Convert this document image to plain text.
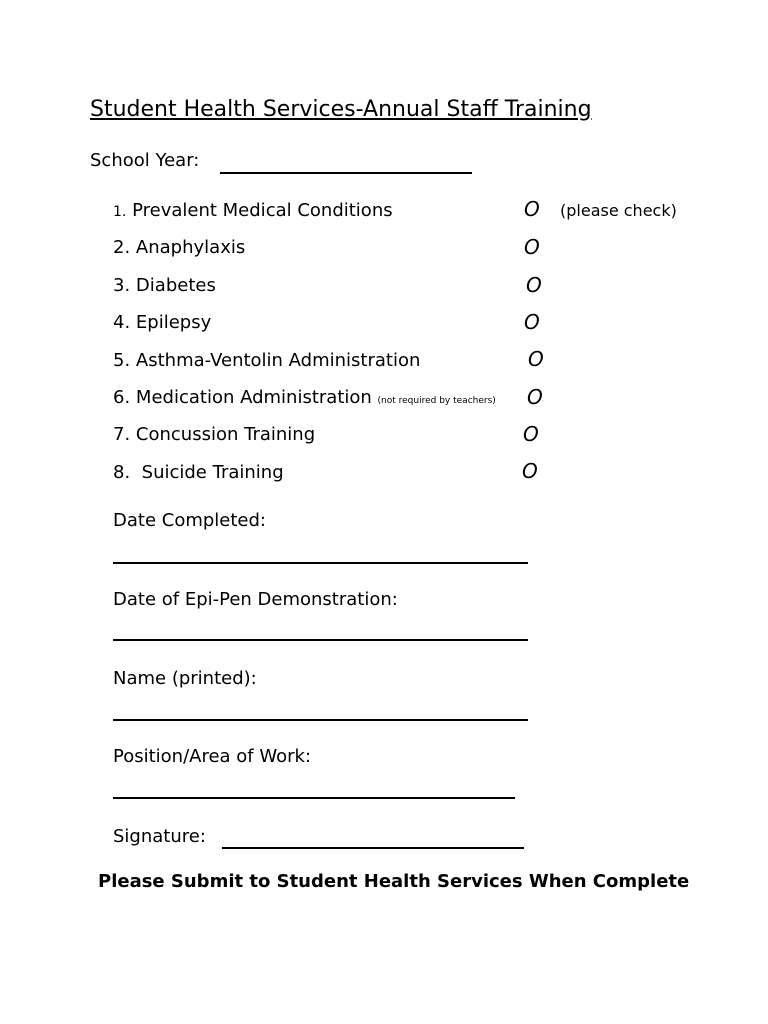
Student Health Services-Annual Staff Training
School Year:
1. Prevalent Medical Conditions	O (please check)
2. Anaphylaxis	O
3. Diabetes	O
4. Epilepsy	O
5. Asthma-Ventolin Administration	O
6. Medication Administration (not required by teachers) O
7. Concussion Training	O
8.  Suicide Training	O
Date Completed:
Date of Epi-Pen Demonstration:
Name (printed):
Position/Area of Work:
Signature:
Please Submit to Student Health Services When Complete
